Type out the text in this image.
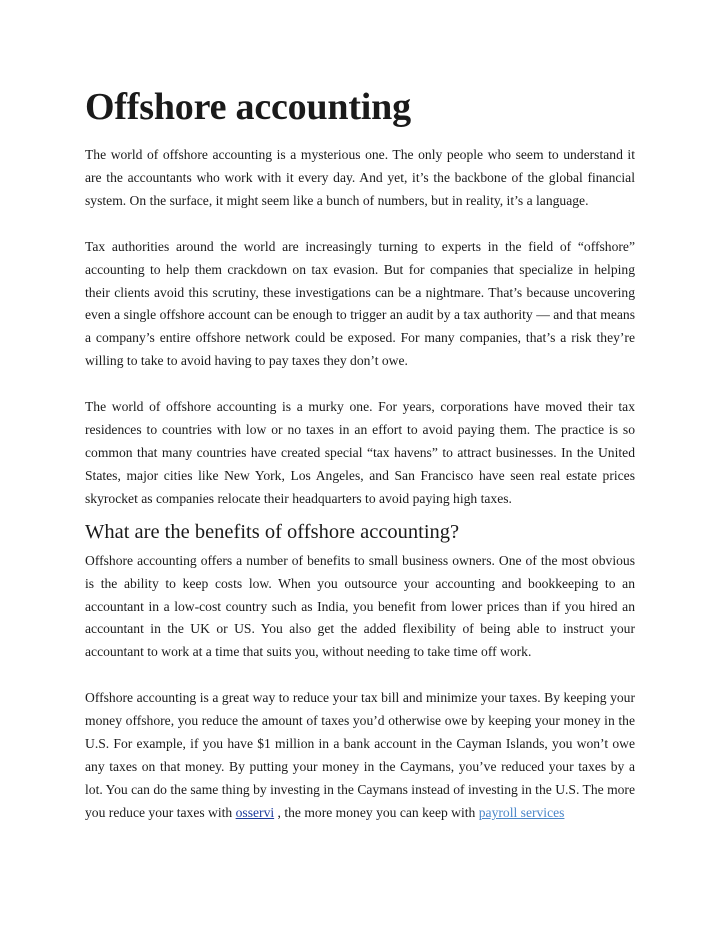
Offshore accounting

The world of offshore accounting is a mysterious one. The only people who seem to understand it are the accountants who work with it every day. And yet, it’s the backbone of the global financial system. On the surface, it might seem like a bunch of numbers, but in reality, it’s a language.

Tax authorities around the world are increasingly turning to experts in the field of “offshore” accounting to help them crackdown on tax evasion. But for companies that specialize in helping their clients avoid this scrutiny, these investigations can be a nightmare. That’s because uncovering even a single offshore account can be enough to trigger an audit by a tax authority — and that means a company’s entire offshore network could be exposed. For many companies, that’s a risk they’re willing to take to avoid having to pay taxes they don’t owe.

The world of offshore accounting is a murky one. For years, corporations have moved their tax residences to countries with low or no taxes in an effort to avoid paying them. The practice is so common that many countries have created special “tax havens” to attract businesses. In the United States, major cities like New York, Los Angeles, and San Francisco have seen real estate prices skyrocket as companies relocate their headquarters to avoid paying high taxes.

What are the benefits of offshore accounting?

Offshore accounting offers a number of benefits to small business owners. One of the most obvious is the ability to keep costs low. When you outsource your accounting and bookkeeping to an accountant in a low-cost country such as India, you benefit from lower prices than if you hired an accountant in the UK or US. You also get the added flexibility of being able to instruct your accountant to work at a time that suits you, without needing to take time off work.

Offshore accounting is a great way to reduce your tax bill and minimize your taxes. By keeping your money offshore, you reduce the amount of taxes you’d otherwise owe by keeping your money in the U.S. For example, if you have $1 million in a bank account in the Cayman Islands, you won’t owe any taxes on that money. By putting your money in the Caymans, you’ve reduced your taxes by a lot. You can do the same thing by investing in the Caymans instead of investing in the U.S. The more you reduce your taxes with osservi , the more money you can keep with payroll services
